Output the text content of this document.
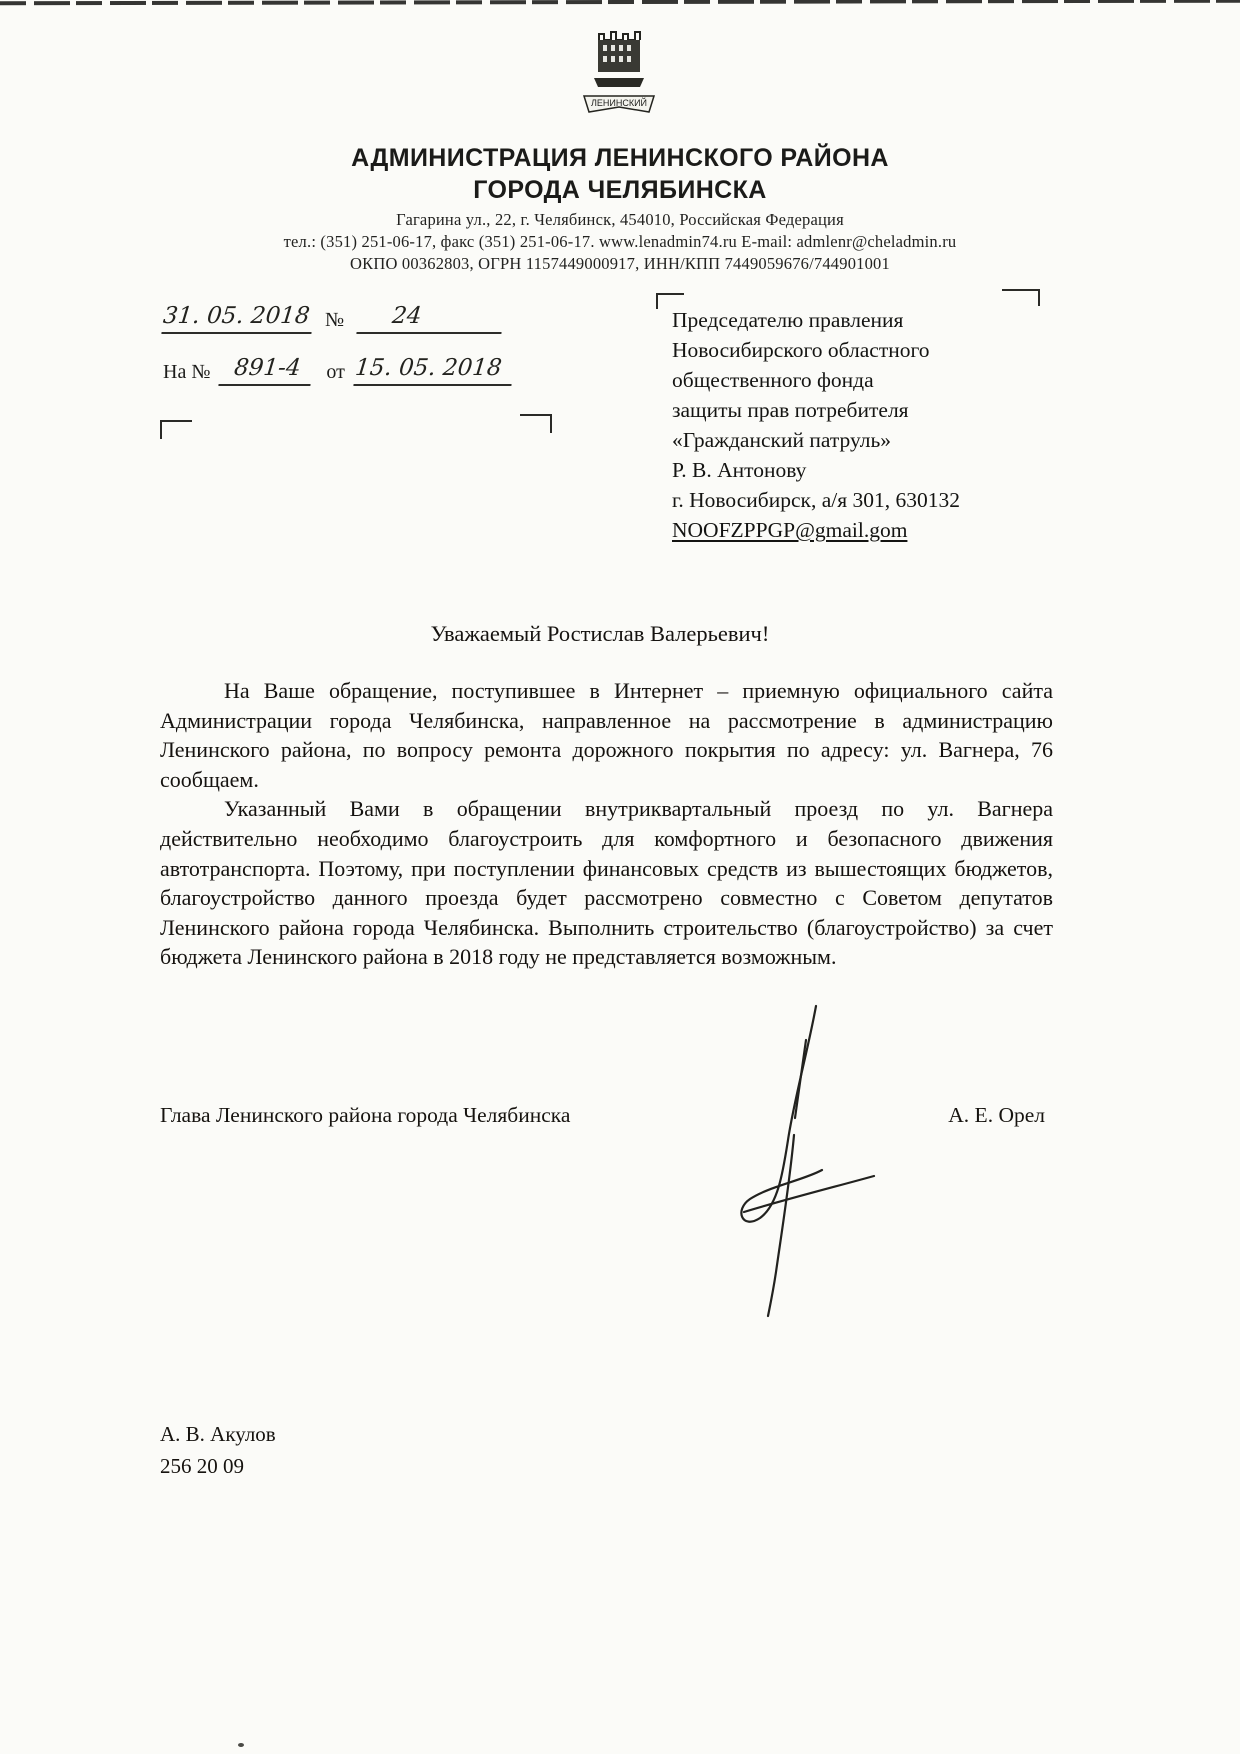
ЛЕНИНСКИЙ
АДМИНИСТРАЦИЯ ЛЕНИНСКОГО РАЙОНА
ГОРОДА ЧЕЛЯБИНСКА
Гагарина ул., 22, г. Челябинск, 454010, Российская Федерация
тел.: (351) 251-06-17, факс (351) 251-06-17. www.lenadmin74.ru E-mail: admlenr@cheladmin.ru
ОКПО 00362803, ОГРН 1157449000917, ИНН/КПП 7449059676/744901001
31. 05. 2018 №	24
На № 891-4	от 15. 05. 2018
Председателю правления
Новосибирского областного
общественного фонда
защиты прав потребителя
«Гражданский патруль»
Р. В. Антонову
г. Новосибирск, а/я 301, 630132
NOOFZPPGP@gmail.gom
Уважаемый Ростислав Валерьевич!

На Ваше обращение, поступившее в Интернет – приемную официального сайта Администрации города Челябинска, направленное на рассмотрение в администрацию Ленинского района, по вопросу ремонта дорожного покрытия по адресу: ул. Вагнера, 76 сообщаем.

Указанный Вами в обращении внутриквартальный проезд по ул. Вагнера действительно необходимо благоустроить для комфортного и безопасного движения автотранспорта. Поэтому, при поступлении финансовых средств из вышестоящих бюджетов, благоустройство данного проезда будет рассмотрено совместно с Советом депутатов Ленинского района города Челябинска. Выполнить строительство (благоустройство) за счет бюджета Ленинского района в 2018 году не представляется возможным.

Глава Ленинского района города Челябинска	А. Е. Орел
А. В. Акулов
256 20 09
